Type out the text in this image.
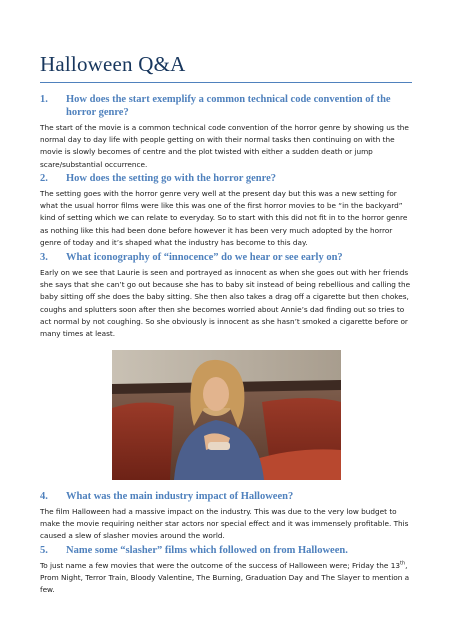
Halloween Q&A
1. How does the start exemplify a common technical code convention of the horror genre?
The start of the movie is a common technical code convention of the horror genre by showing us the normal day to day life with people getting on with their normal tasks then continuing on with the movie is slowly becomes of centre and the plot twisted with either a sudden death or jump scare/substantial occurrence.
2. How does the setting go with the horror genre?
The setting goes with the horror genre very well at the present day but this was a new setting for what the usual horror films were like this was one of the first horror movies to be “in the backyard” kind of setting which we can relate to everyday. So to start with this did not fit in to the horror genre as nothing like this had been done before however it has been very much adopted by the horror genre of today and it’s shaped what the industry has become to this day.
3. What iconography of “innocence” do we hear or see early on?
Early on we see that Laurie is seen and portrayed as innocent as when she goes out with her friends she says that she can’t go out because she has to baby sit instead of being rebellious and calling the baby sitting off she does the baby sitting. She then also takes a drag off a cigarette but then chokes, coughs and splutters soon after then she becomes worried about Annie’s dad finding out so tries to act normal by not coughing. So she obviously is innocent as she hasn’t smoked a cigarette before or many times at least.
4. What was the main industry impact of Halloween?
The film Halloween had a massive impact on the industry. This was due to the very low budget to make the movie requiring neither star actors nor special effect and it was immensely profitable. This caused a slew of slasher movies around the world.
5. Name some “slasher” films which followed on from Halloween.
To just name a few movies that were the outcome of the success of Halloween were; Friday the 13th, Prom Night, Terror Train, Bloody Valentine, The Burning, Graduation Day and The Slayer to mention a few.
